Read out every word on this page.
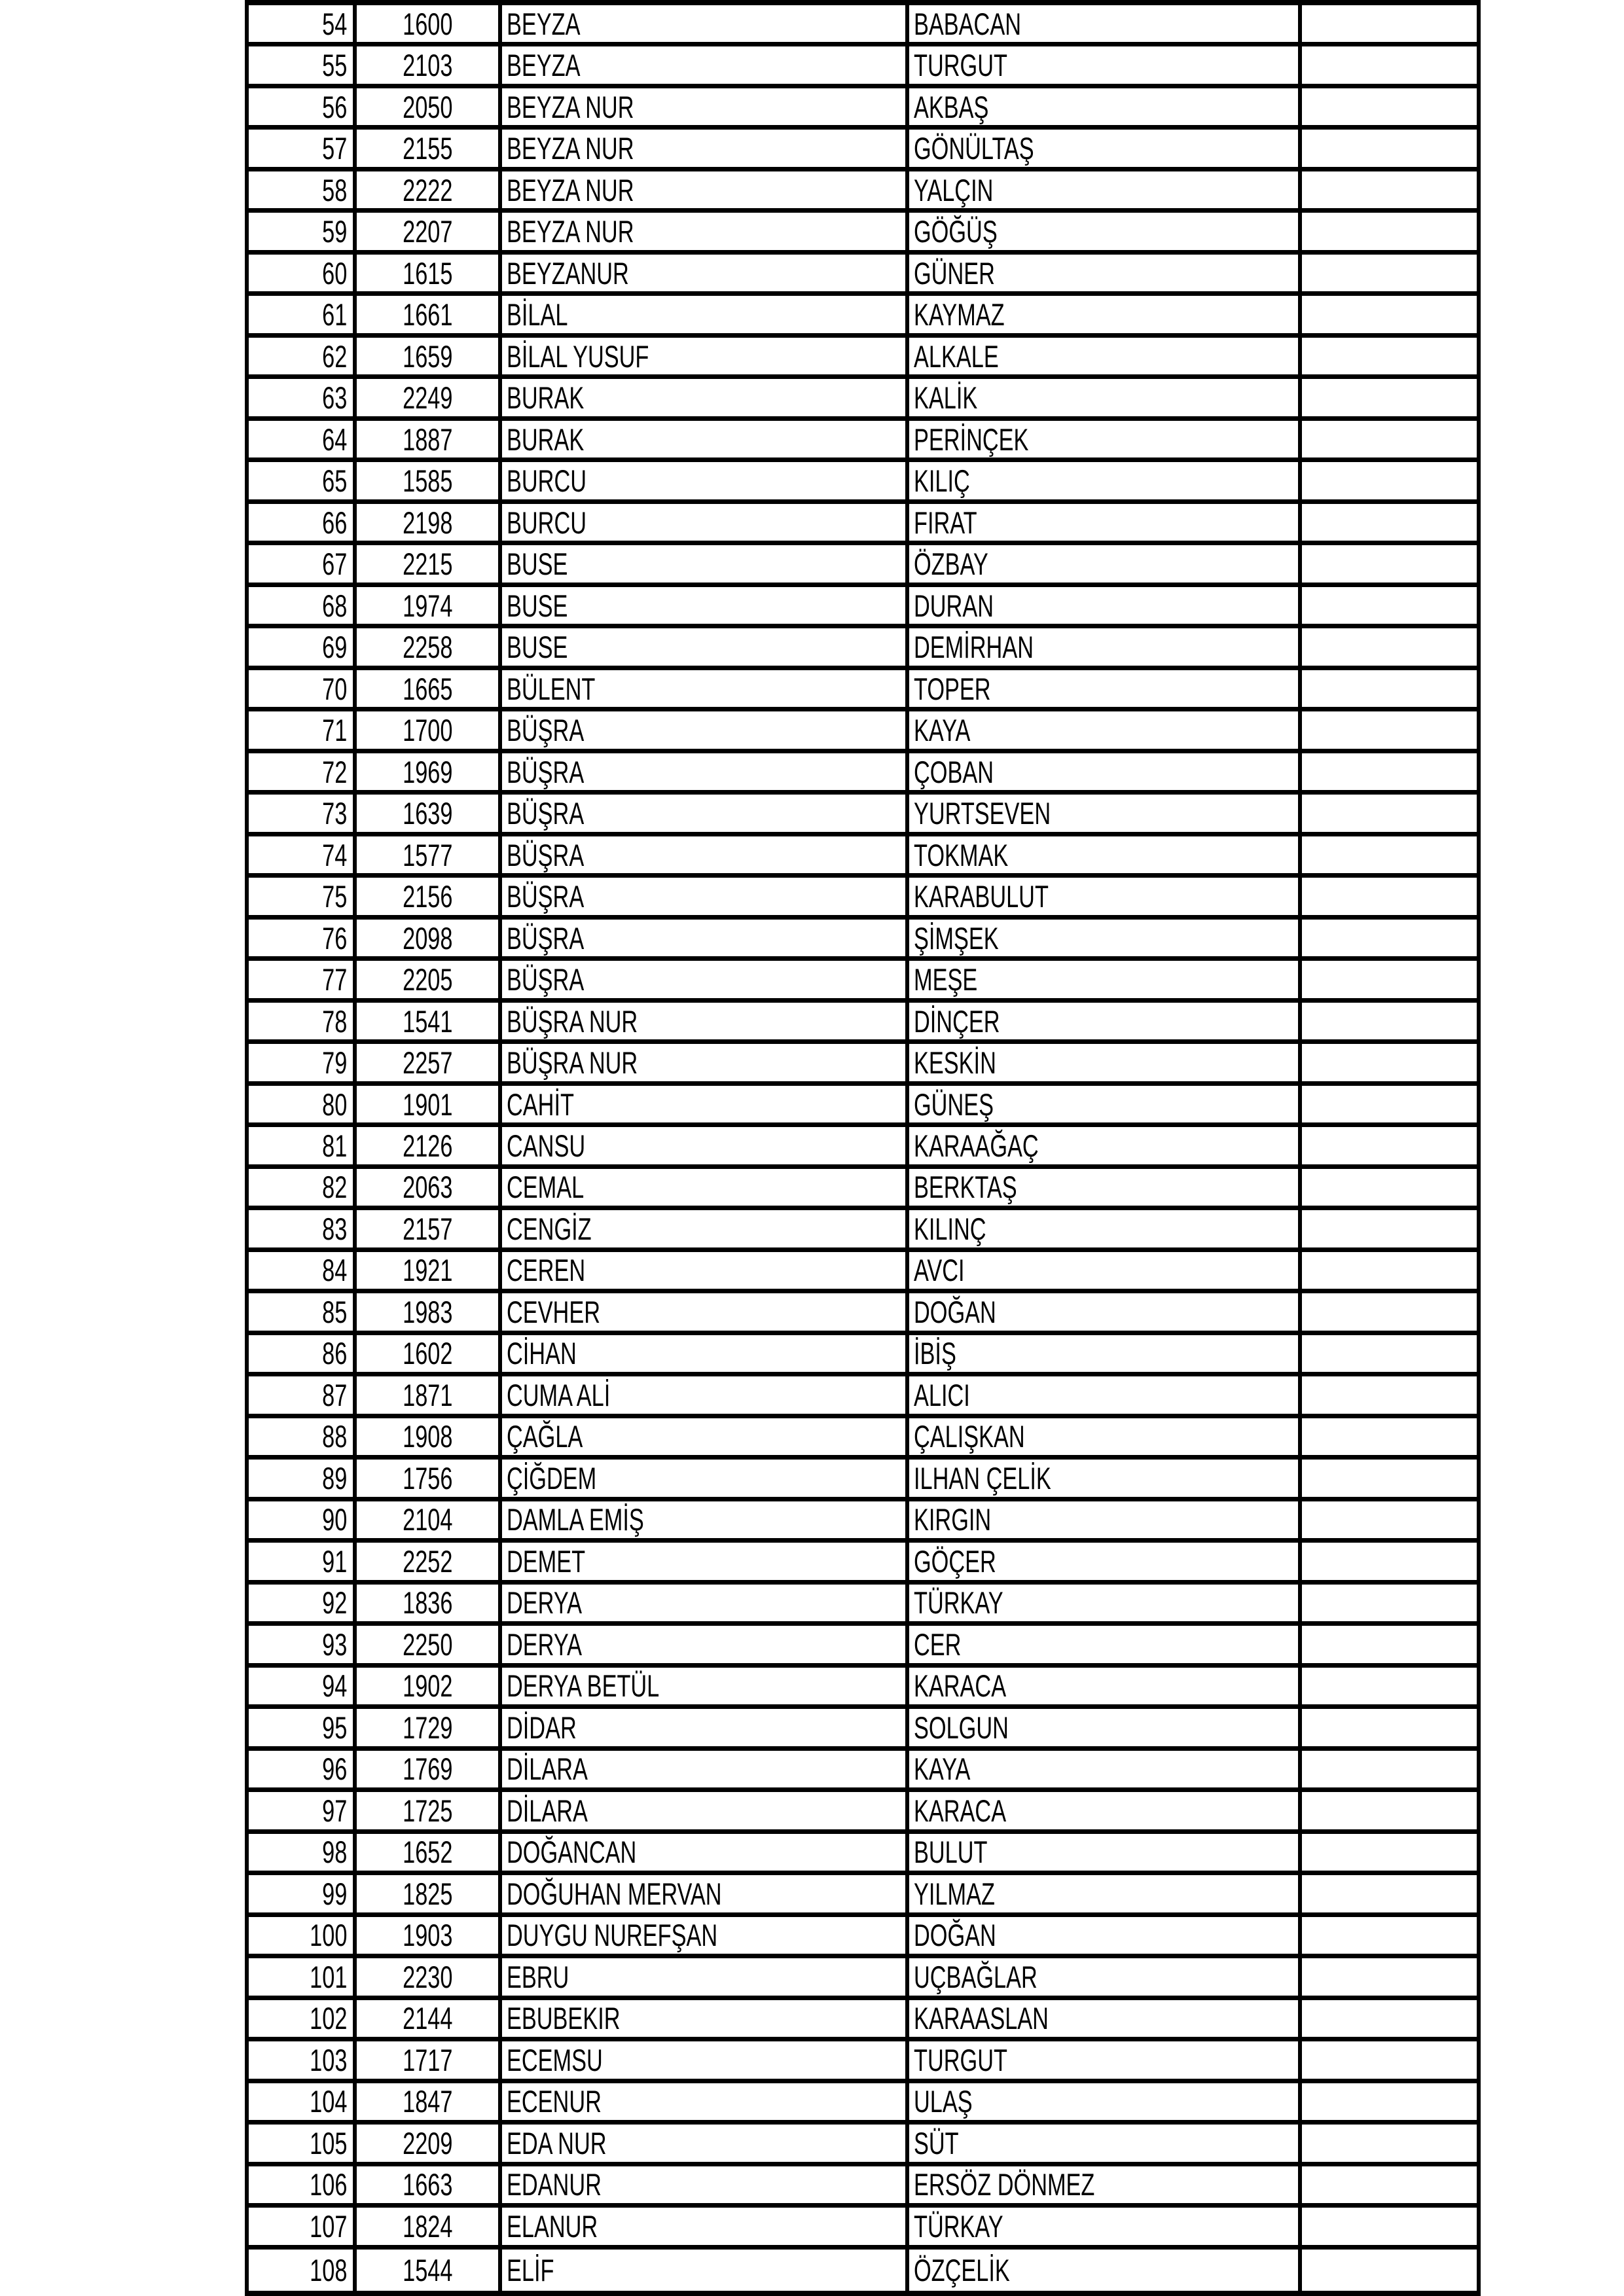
54 1600 BEYZA	BABACAN
55 2103 BEYZA	TURGUT
56 2050 BEYZA NUR	AKBAŞ
57 2155 BEYZA NUR	GÖNÜLTAŞ
58 2222 BEYZA NUR	YALÇIN
59 2207 BEYZA NUR	GÖĞÜŞ
60 1615 BEYZANUR	GÜNER
61 1661 BİLAL	KAYMAZ
62 1659 BİLAL YUSUF	ALKALE
63 2249 BURAK	KALİK
64 1887 BURAK	PERİNÇEK
65 1585 BURCU	KILIÇ
66 2198 BURCU	FIRAT
67 2215 BUSE	ÖZBAY
68 1974 BUSE	DURAN
69 2258 BUSE	DEMİRHAN
70 1665 BÜLENT	TOPER
71 1700 BÜŞRA	KAYA
72 1969 BÜŞRA	ÇOBAN
73 1639 BÜŞRA	YURTSEVEN
74 1577 BÜŞRA	TOKMAK
75 2156 BÜŞRA	KARABULUT
76 2098 BÜŞRA	ŞİMŞEK
77 2205 BÜŞRA	MEŞE
78 1541 BÜŞRA NUR	DİNÇER
79 2257 BÜŞRA NUR	KESKİN
80 1901 CAHİT	GÜNEŞ
81 2126 CANSU	KARAAĞAÇ
82 2063 CEMAL	BERKTAŞ
83 2157 CENGİZ	KILINÇ
84 1921 CEREN	AVCI
85 1983 CEVHER	DOĞAN
86 1602 CİHAN	İBİŞ
87 1871 CUMA ALİ	ALICI
88 1908 ÇAĞLA	ÇALIŞKAN
89 1756 ÇİĞDEM	ILHAN ÇELİK
90 2104 DAMLA EMİŞ	KIRGIN
91 2252 DEMET	GÖÇER
92 1836 DERYA	TÜRKAY
93 2250 DERYA	CER
94 1902 DERYA BETÜL	KARACA
95 1729 DİDAR	SOLGUN
96 1769 DİLARA	KAYA
97 1725 DİLARA	KARACA
98 1652 DOĞANCAN	BULUT
99 1825 DOĞUHAN MERVAN	YILMAZ
100 1903 DUYGU NUREFŞAN	DOĞAN
101 2230 EBRU	UÇBAĞLAR
102 2144 EBUBEKIR	KARAASLAN
103 1717 ECEMSU	TURGUT
104 1847 ECENUR	ULAŞ
105 2209 EDA NUR	SÜT
106 1663 EDANUR	ERSÖZ DÖNMEZ
107 1824 ELANUR	TÜRKAY
108 1544 ELİF	ÖZÇELİK
